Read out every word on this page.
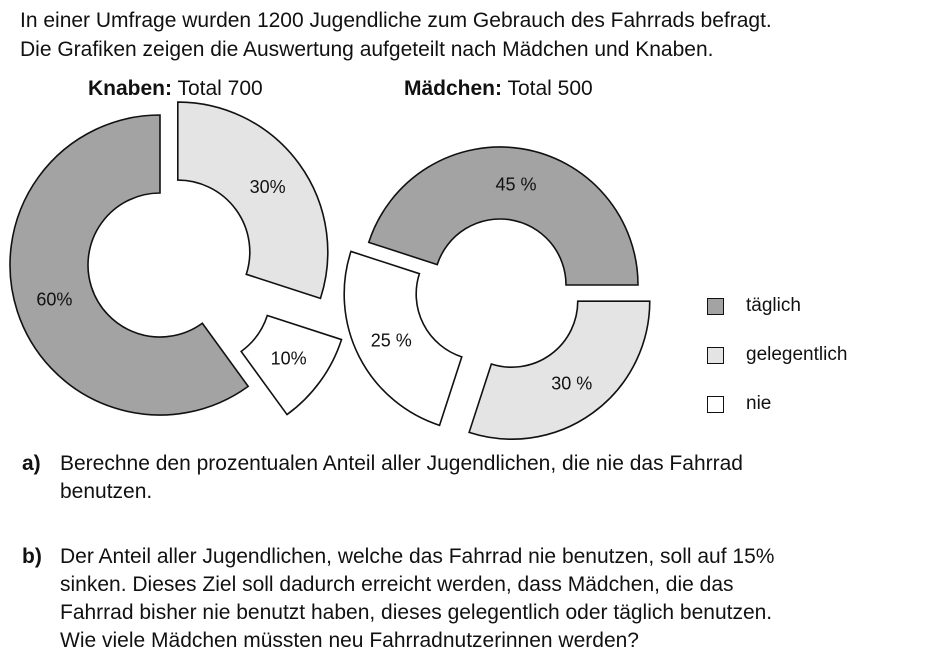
In einer Umfrage wurden 1200 Jugendliche zum Gebrauch des Fahrrads befragt.
Die Grafiken zeigen die Auswertung aufgeteilt nach Mädchen und Knaben.
Knaben: Total 700	Mädchen: Total 500
30%
10%
60%
30 %
25 %
45 %
täglich
gelegentlich
nie
a) Berechne den prozentualen Anteil aller Jugendlichen, die nie das Fahrrad
benutzen.
b) Der Anteil aller Jugendlichen, welche das Fahrrad nie benutzen, soll auf 15%
sinken. Dieses Ziel soll dadurch erreicht werden, dass Mädchen, die das
Fahrrad bisher nie benutzt haben, dieses gelegentlich oder täglich benutzen.
Wie viele Mädchen müssten neu Fahrradnutzerinnen werden?
